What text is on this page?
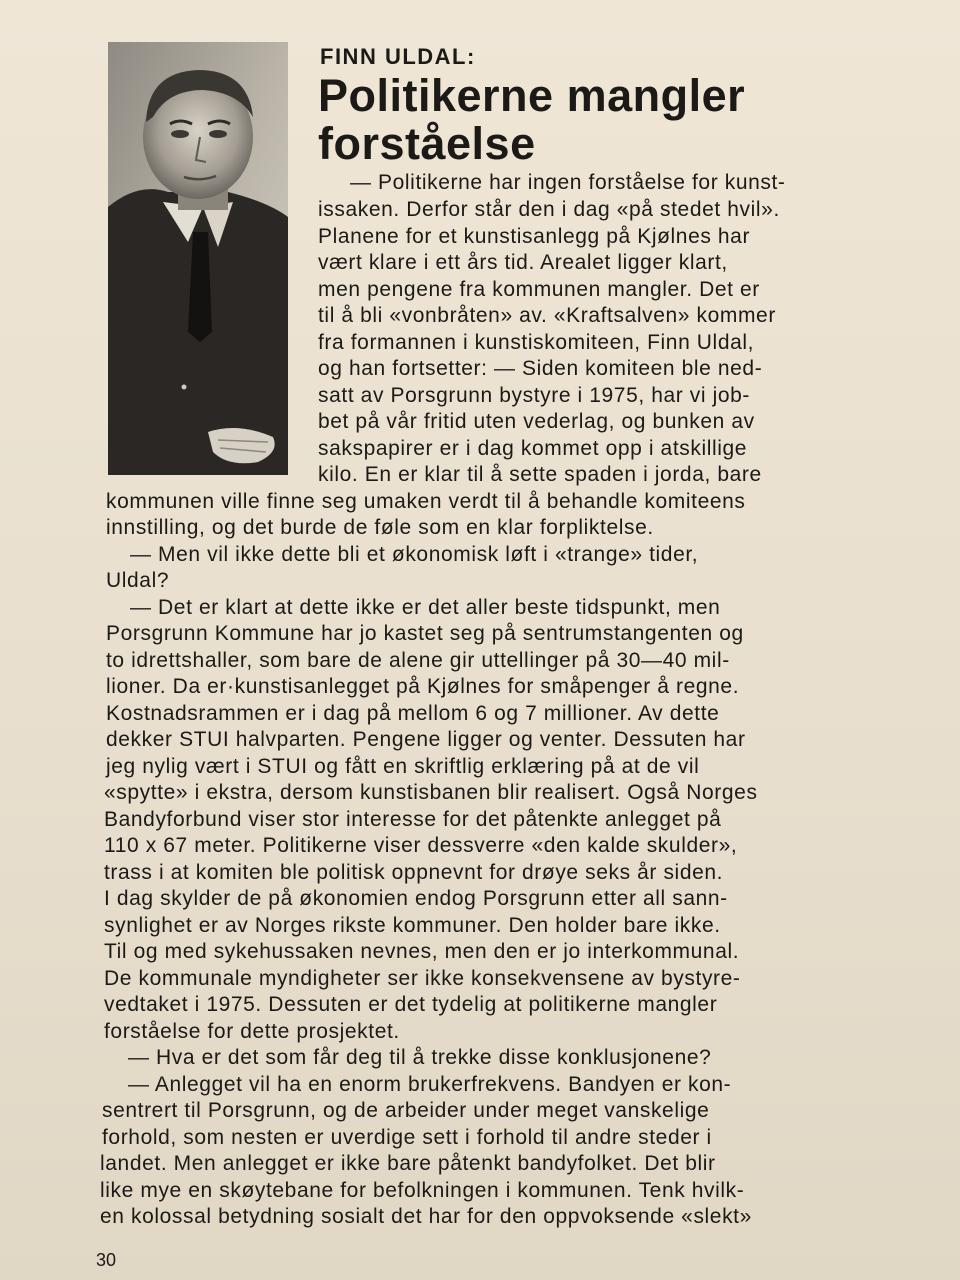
FINN ULDAL:
Politikerne mangler
forståelse
— Politikerne har ingen forståelse for kunst-
issaken. Derfor står den i dag «på stedet hvil».
Planene for et kunstisanlegg på Kjølnes har
vært klare i ett års tid. Arealet ligger klart,
men pengene fra kommunen mangler. Det er
til å bli «vonbråten» av. «Kraftsalven» kommer
fra formannen i kunstiskomiteen, Finn Uldal,
og han fortsetter: — Siden komiteen ble ned-
satt av Porsgrunn bystyre i 1975, har vi job-
bet på vår fritid uten vederlag, og bunken av
sakspapirer er i dag kommet opp i atskillige
kilo. En er klar til å sette spaden i jorda, bare
kommunen ville finne seg umaken verdt til å behandle komiteens
innstilling, og det burde de føle som en klar forpliktelse.
— Men vil ikke dette bli et økonomisk løft i «trange» tider,
Uldal?
— Det er klart at dette ikke er det aller beste tidspunkt, men
Porsgrunn Kommune har jo kastet seg på sentrumstangenten og
to idrettshaller, som bare de alene gir uttellinger på 30—40 mil-
lioner. Da er·kunstisanlegget på Kjølnes for småpenger å regne.
Kostnadsrammen er i dag på mellom 6 og 7 millioner. Av dette
dekker STUI halvparten. Pengene ligger og venter. Dessuten har
jeg nylig vært i STUI og fått en skriftlig erklæring på at de vil
«spytte» i ekstra, dersom kunstisbanen blir realisert. Også Norges
Bandyforbund viser stor interesse for det påtenkte anlegget på
110 x 67 meter. Politikerne viser dessverre «den kalde skulder»,
trass i at komiten ble politisk oppnevnt for drøye seks år siden.
I dag skylder de på økonomien endog Porsgrunn etter all sann-
synlighet er av Norges rikste kommuner. Den holder bare ikke.
Til og med sykehussaken nevnes, men den er jo interkommunal.
De kommunale myndigheter ser ikke konsekvensene av bystyre-
vedtaket i 1975. Dessuten er det tydelig at politikerne mangler
forståelse for dette prosjektet.
— Hva er det som får deg til å trekke disse konklusjonene?
— Anlegget vil ha en enorm brukerfrekvens. Bandyen er kon-
sentrert til Porsgrunn, og de arbeider under meget vanskelige
forhold, som nesten er uverdige sett i forhold til andre steder i
landet. Men anlegget er ikke bare påtenkt bandyfolket. Det blir
like mye en skøytebane for befolkningen i kommunen. Tenk hvilk-
en kolossal betydning sosialt det har for den oppvoksende «slekt»
30
